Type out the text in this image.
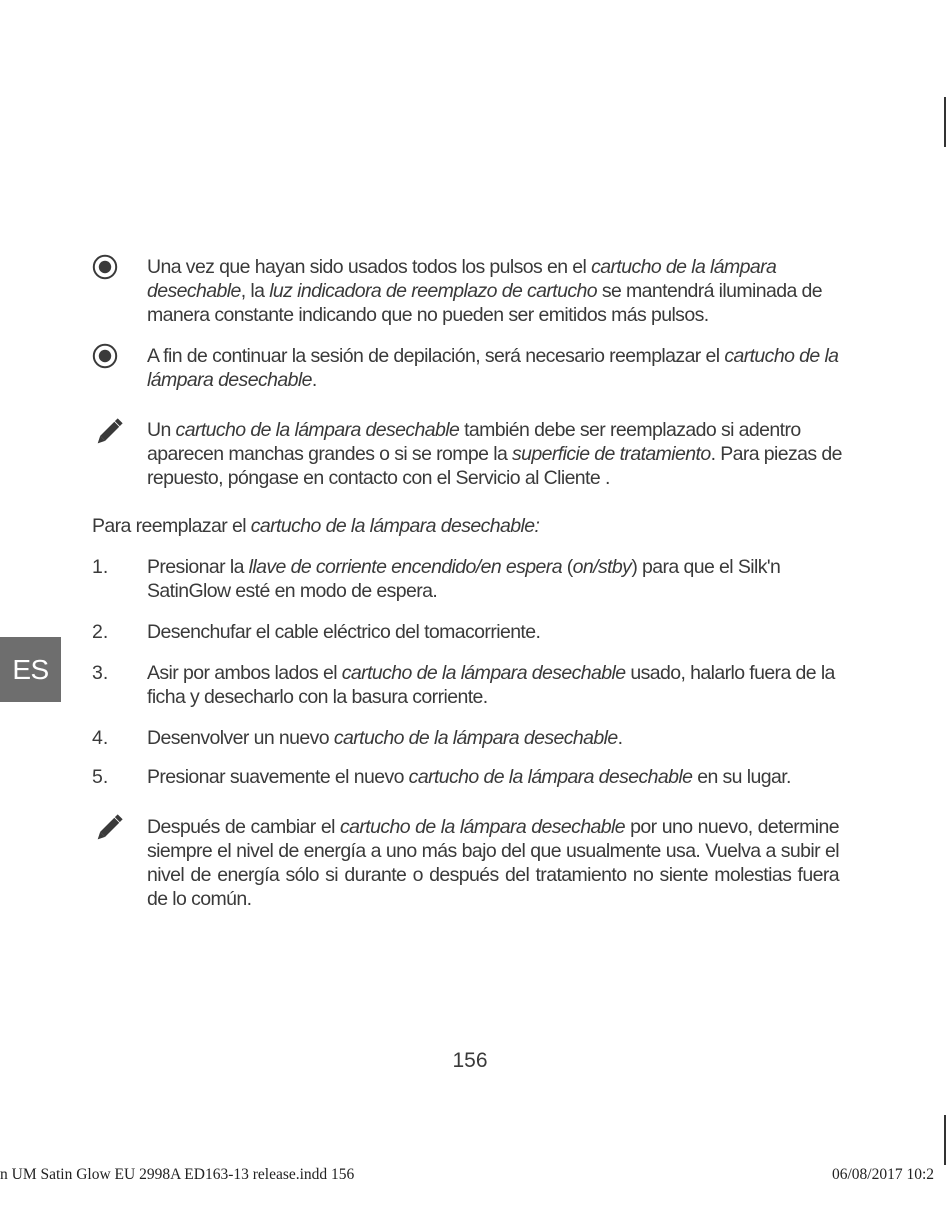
Una vez que hayan sido usados todos los pulsos en el cartucho de la lámpara desechable, la luz indicadora de reemplazo de cartucho se mantendrá iluminada de manera constante indicando que no pueden ser emitidos más pulsos.
A fin de continuar la sesión de depilación, será necesario reemplazar el cartucho de la lámpara desechable.
Un cartucho de la lámpara desechable también debe ser reemplazado si adentro aparecen manchas grandes o si se rompe la superficie de tratamiento. Para piezas de repuesto, póngase en contacto con el Servicio al Cliente .
Para reemplazar el cartucho de la lámpara desechable:
1. Presionar la llave de corriente encendido/en espera (on/stby) para que el Silk'n SatinGlow esté en modo de espera.
2. Desenchufar el cable eléctrico del tomacorriente.
3. Asir por ambos lados el cartucho de la lámpara desechable usado, halarlo fuera de la ficha y desecharlo con la basura corriente.
4. Desenvolver un nuevo cartucho de la lámpara desechable.
5. Presionar suavemente el nuevo cartucho de la lámpara desechable en su lugar.
Después de cambiar el cartucho de la lámpara desechable por uno nuevo, determine siempre el nivel de energía a uno más bajo del que usualmente usa. Vuelva a subir el nivel de energía sólo si durante o después del tratamiento no siente molestias fuera de lo común.
ES
156
n UM Satin Glow EU 2998A ED163-13 release.indd 156	06/08/2017 10:2
